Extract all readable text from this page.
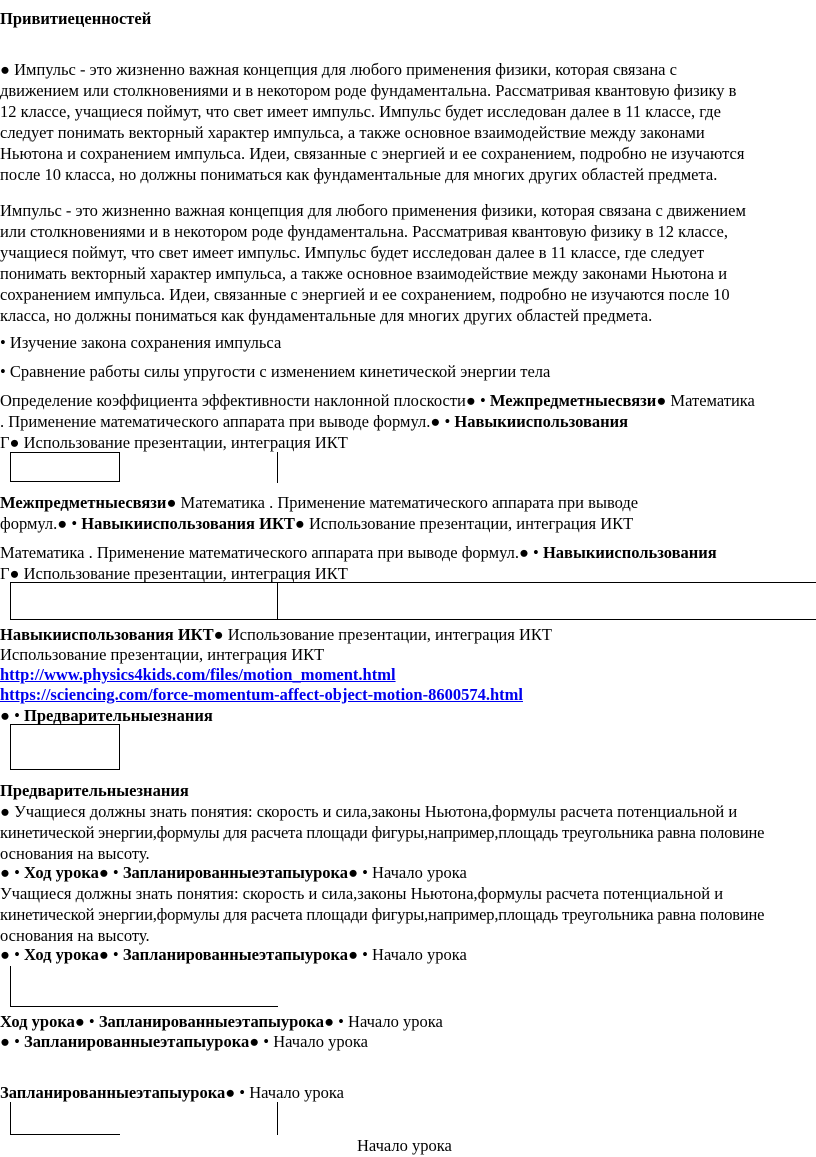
Привитиеценностей
● Импульс - это жизненно важная концепция для любого применения физики, которая связана с
движением или столкновениями и в некотором роде фундаментальна. Рассматривая квантовую физику в
12 классе, учащиеся поймут, что свет имеет импульс. Импульс будет исследован далее в 11 классе, где
следует понимать векторный характер импульса, а также основное взаимодействие между законами
Ньютона и сохранением импульса. Идеи, связанные с энергией и ее сохранением, подробно не изучаются
после 10 класса, но должны пониматься как фундаментальные для многих других областей предмета.
Импульс - это жизненно важная концепция для любого применения физики, которая связана с движением
или столкновениями и в некотором роде фундаментальна. Рассматривая квантовую физику в 12 классе,
учащиеся поймут, что свет имеет импульс. Импульс будет исследован далее в 11 классе, где следует
понимать векторный характер импульса, а также основное взаимодействие между законами Ньютона и
сохранением импульса. Идеи, связанные с энергией и ее сохранением, подробно не изучаются после 10
класса, но должны пониматься как фундаментальные для многих других областей предмета.
• Изучение закона сохранения импульса
• Сравнение работы силы упругости с изменением кинетической энергии тела
Определение коэффициента эффективности наклонной плоскости● • Межпредметныесвязи● Математика
. Применение математического аппарата при выводе формул.● • Навыкииспользования
Г● Использование презентации, интеграция ИКТ
Межпредметныесвязи● Математика . Применение математического аппарата при выводе
формул.● • Навыкииспользования ИКТ● Использование презентации, интеграция ИКТ
Математика . Применение математического аппарата при выводе формул.● • Навыкииспользования
Г● Использование презентации, интеграция ИКТ
Навыкииспользования ИКТ● Использование презентации, интеграция ИКТ
Использование презентации, интеграция ИКТ
http://www.physics4kids.com/files/motion_moment.html
https://sciencing.com/force-momentum-affect-object-motion-8600574.html
● • Предварительныезнания
Предварительныезнания
● Учащиеся должны знать понятия: скорость и сила,законы Ньютона,формулы расчета потенциальной и
кинетической энергии,формулы для расчета площади фигуры,например,площадь треугольника равна половине
основания на высоту.
● • Ход урока● • Запланированныеэтапыурока● • Начало урока
Учащиеся должны знать понятия: скорость и сила,законы Ньютона,формулы расчета потенциальной и
кинетической энергии,формулы для расчета площади фигуры,например,площадь треугольника равна половине
основания на высоту.
● • Ход урока● • Запланированныеэтапыурока● • Начало урока
Ход урока● • Запланированныеэтапыурока● • Начало урока
● • Запланированныеэтапыурока● • Начало урока
Запланированныеэтапыурока● • Начало урока
Начало урока
